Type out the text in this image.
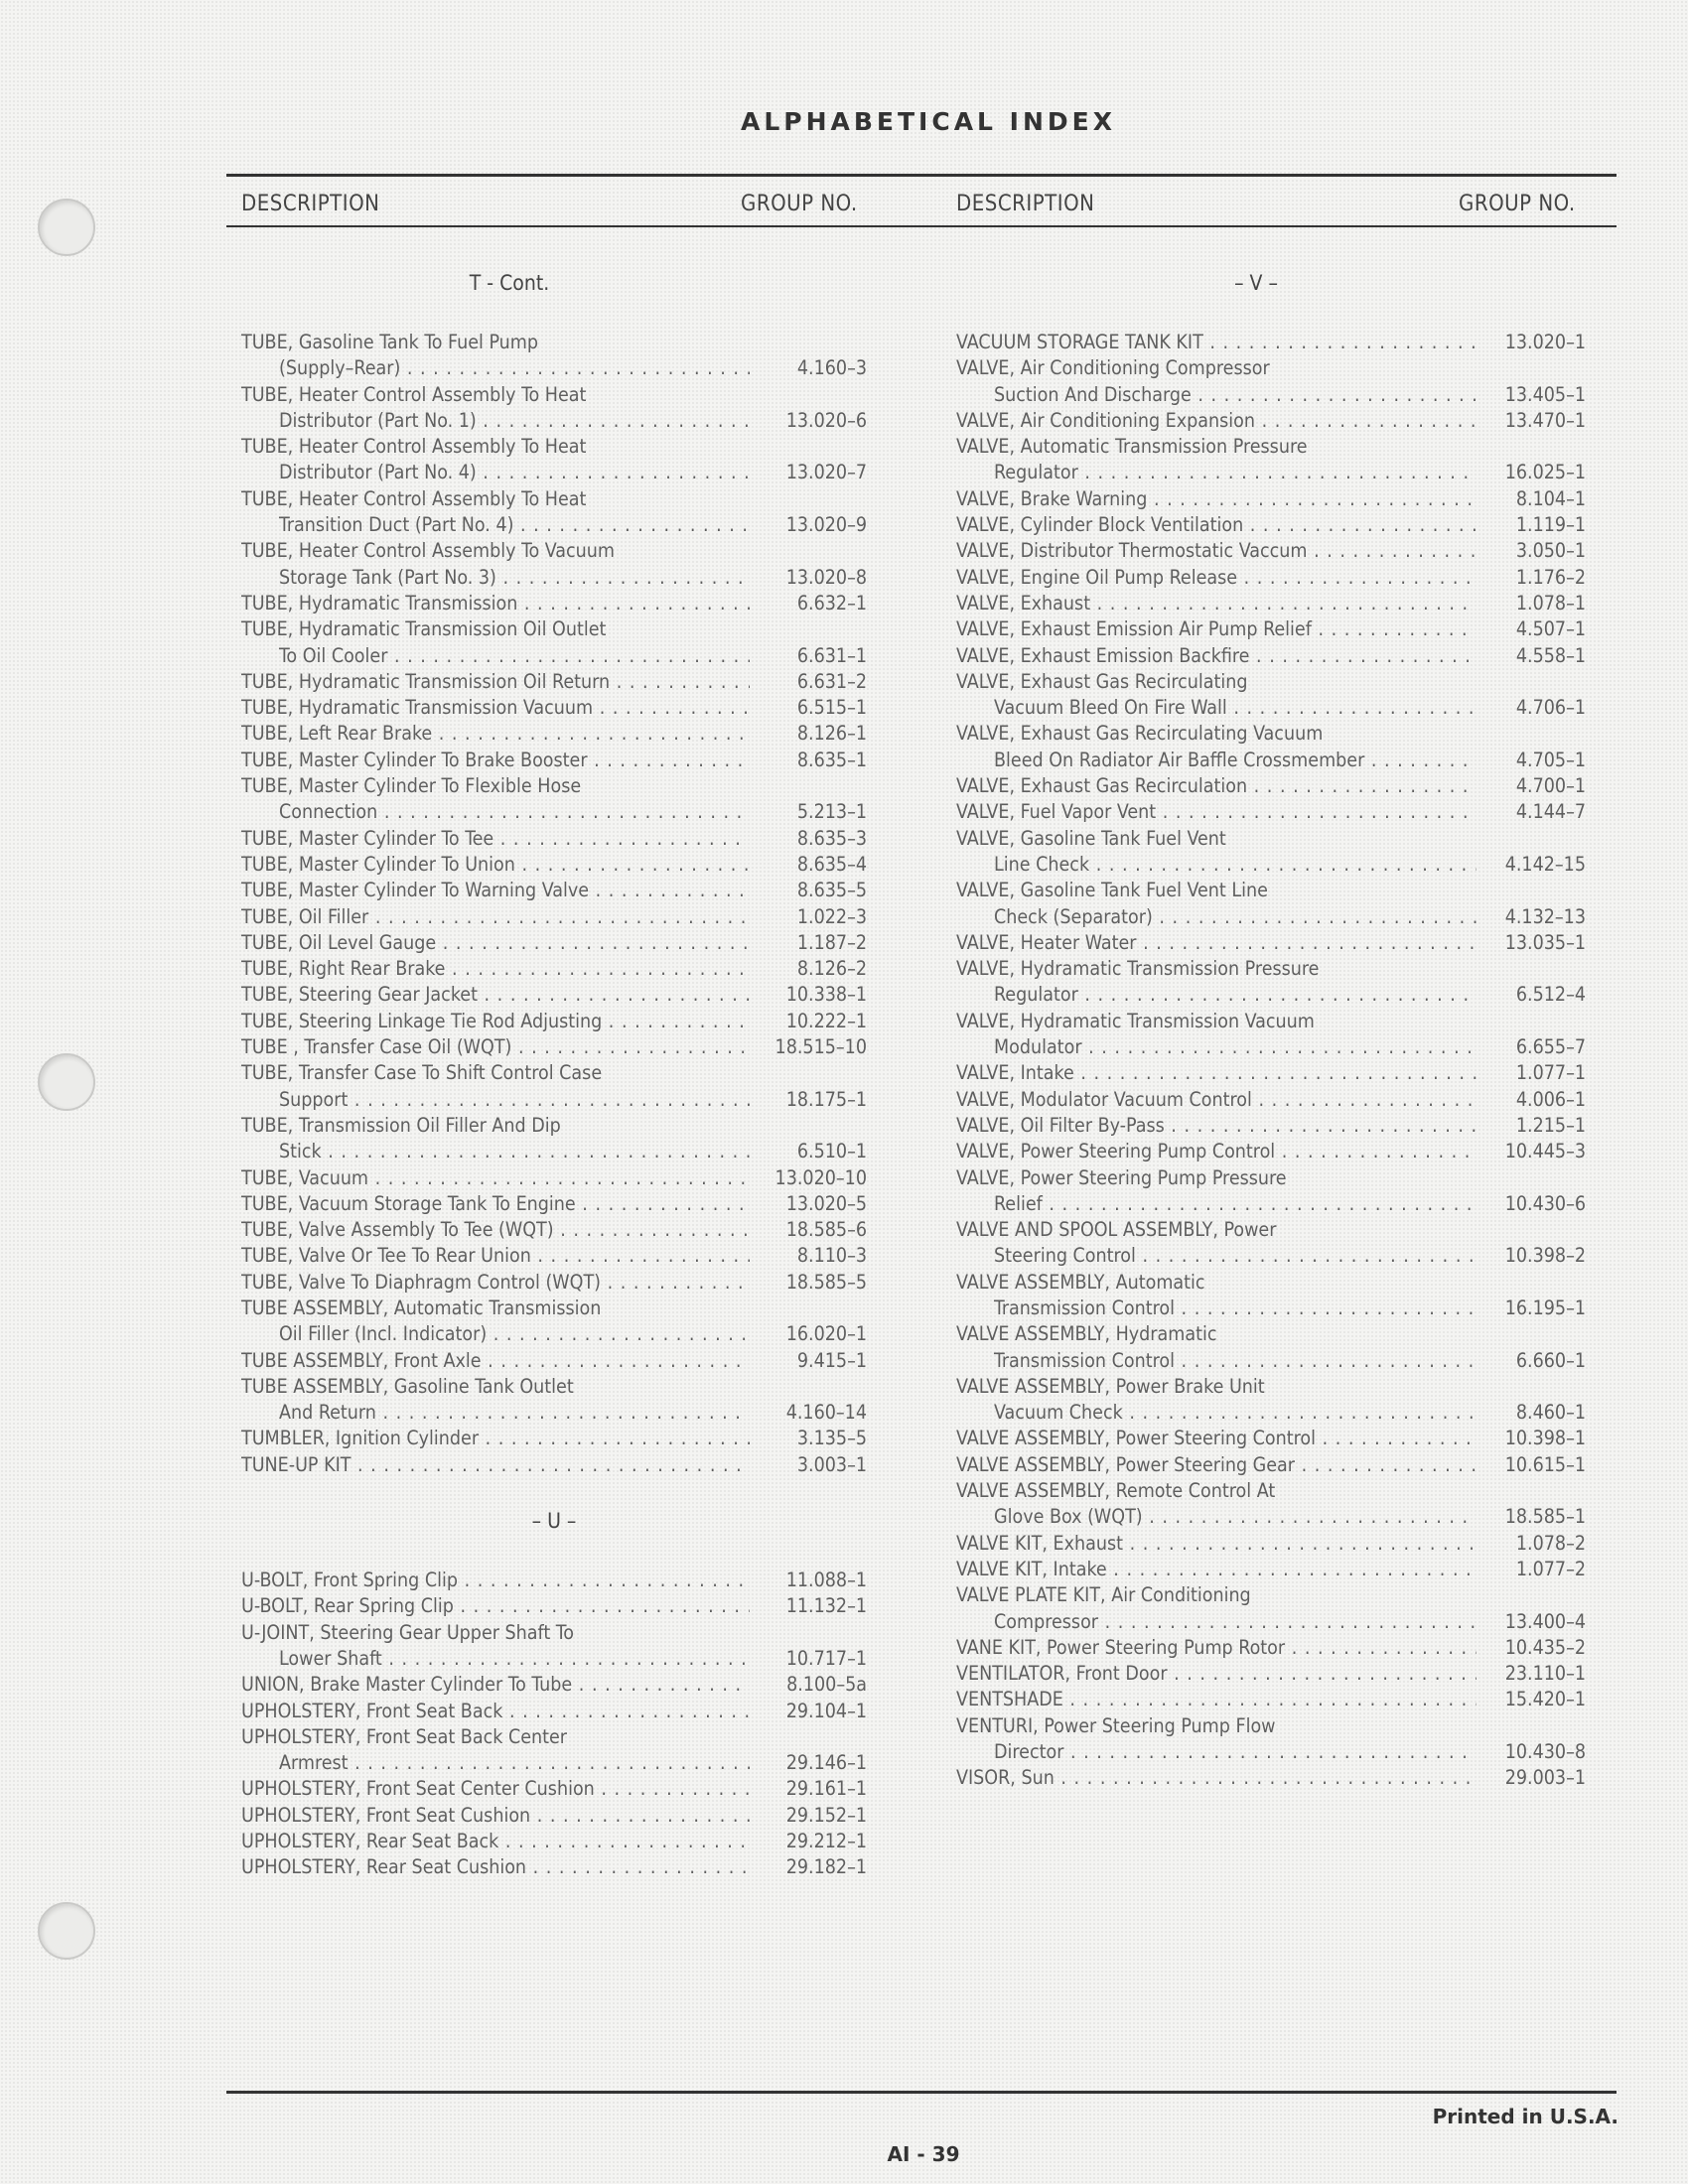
ALPHABETICAL INDEX
DESCRIPTION	GROUP NO.	DESCRIPTION	GROUP NO.
T - Cont.
TUBE, Gasoline Tank To Fuel Pump
(Supply–Rear) . . .	4.160–3
TUBE, Heater Control Assembly To Heat
Distributor (Part No. 1) . . .	13.020–6
TUBE, Heater Control Assembly To Heat
Distributor (Part No. 4) . . .	13.020–7
TUBE, Heater Control Assembly To Heat
Transition Duct (Part No. 4) . . .	13.020–9
TUBE, Heater Control Assembly To Vacuum
Storage Tank (Part No. 3) . . .	13.020–8
TUBE, Hydramatic Transmission . . .	6.632–1
TUBE, Hydramatic Transmission Oil Outlet
To Oil Cooler . . .	6.631–1
TUBE, Hydramatic Transmission Oil Return . . .	6.631–2
TUBE, Hydramatic Transmission Vacuum . . .	6.515–1
TUBE, Left Rear Brake . . .	8.126–1
TUBE, Master Cylinder To Brake Booster . . .	8.635–1
TUBE, Master Cylinder To Flexible Hose
Connection . . .	5.213–1
TUBE, Master Cylinder To Tee . . .	8.635–3
TUBE, Master Cylinder To Union . . .	8.635–4
TUBE, Master Cylinder To Warning Valve . . .	8.635–5
TUBE, Oil Filler . . .	1.022–3
TUBE, Oil Level Gauge . . .	1.187–2
TUBE, Right Rear Brake . . .	8.126–2
TUBE, Steering Gear Jacket . . .	10.338–1
TUBE, Steering Linkage Tie Rod Adjusting . . .	10.222–1
TUBE , Transfer Case Oil (WQT) . . .	18.515–10
TUBE, Transfer Case To Shift Control Case
Support . . .	18.175–1
TUBE, Transmission Oil Filler And Dip
Stick . . .	6.510–1
TUBE, Vacuum . . .	13.020–10
TUBE, Vacuum Storage Tank To Engine . . .	13.020–5
TUBE, Valve Assembly To Tee (WQT) . . .	18.585–6
TUBE, Valve Or Tee To Rear Union . . .	8.110–3
TUBE, Valve To Diaphragm Control (WQT) . . .	18.585–5
TUBE ASSEMBLY, Automatic Transmission
Oil Filler (Incl. Indicator) . . .	16.020–1
TUBE ASSEMBLY, Front Axle . . .	9.415–1
TUBE ASSEMBLY, Gasoline Tank Outlet
And Return . . .	4.160–14
TUMBLER, Ignition Cylinder . . .	3.135–5
TUNE-UP KIT . . .	3.003–1
– U –
U-BOLT, Front Spring Clip . . .	11.088–1
U-BOLT, Rear Spring Clip . . .	11.132–1
U-JOINT, Steering Gear Upper Shaft To
Lower Shaft . . .	10.717–1
UNION, Brake Master Cylinder To Tube . . .	8.100–5a
UPHOLSTERY, Front Seat Back . . .	29.104–1
UPHOLSTERY, Front Seat Back Center
Armrest . . .	29.146–1
UPHOLSTERY, Front Seat Center Cushion . . .	29.161–1
UPHOLSTERY, Front Seat Cushion . . .	29.152–1
UPHOLSTERY, Rear Seat Back . . .	29.212–1
UPHOLSTERY, Rear Seat Cushion . . .	29.182–1
– V –
VACUUM STORAGE TANK KIT . . .	13.020–1
VALVE, Air Conditioning Compressor
Suction And Discharge . . .	13.405–1
VALVE, Air Conditioning Expansion . . .	13.470–1
VALVE, Automatic Transmission Pressure
Regulator . . .	16.025–1
VALVE, Brake Warning . . .	8.104–1
VALVE, Cylinder Block Ventilation . . .	1.119–1
VALVE, Distributor Thermostatic Vaccum . . .	3.050–1
VALVE, Engine Oil Pump Release . . .	1.176–2
VALVE, Exhaust . . .	1.078–1
VALVE, Exhaust Emission Air Pump Relief . . .	4.507–1
VALVE, Exhaust Emission Backfire . . .	4.558–1
VALVE, Exhaust Gas Recirculating
Vacuum Bleed On Fire Wall . . .	4.706–1
VALVE, Exhaust Gas Recirculating Vacuum
Bleed On Radiator Air Baffle Crossmember . . .	4.705–1
VALVE, Exhaust Gas Recirculation . . .	4.700–1
VALVE, Fuel Vapor Vent . . .	4.144–7
VALVE, Gasoline Tank Fuel Vent
Line Check . . .	4.142–15
VALVE, Gasoline Tank Fuel Vent Line
Check (Separator) . . .	4.132–13
VALVE, Heater Water . . .	13.035–1
VALVE, Hydramatic Transmission Pressure
Regulator . . .	6.512–4
VALVE, Hydramatic Transmission Vacuum
Modulator . . .	6.655–7
VALVE, Intake . . .	1.077–1
VALVE, Modulator Vacuum Control . . .	4.006–1
VALVE, Oil Filter By-Pass . . .	1.215–1
VALVE, Power Steering Pump Control . . .	10.445–3
VALVE, Power Steering Pump Pressure
Relief . . .	10.430–6
VALVE AND SPOOL ASSEMBLY, Power
Steering Control . . .	10.398–2
VALVE ASSEMBLY, Automatic
Transmission Control . . .	16.195–1
VALVE ASSEMBLY, Hydramatic
Transmission Control . . .	6.660–1
VALVE ASSEMBLY, Power Brake Unit
Vacuum Check . . .	8.460–1
VALVE ASSEMBLY, Power Steering Control . . .	10.398–1
VALVE ASSEMBLY, Power Steering Gear . . .	10.615–1
VALVE ASSEMBLY, Remote Control At
Glove Box (WQT) . . .	18.585–1
VALVE KIT, Exhaust . . .	1.078–2
VALVE KIT, Intake . . .	1.077–2
VALVE PLATE KIT, Air Conditioning
Compressor . . .	13.400–4
VANE KIT, Power Steering Pump Rotor . . .	10.435–2
VENTILATOR, Front Door . . .	23.110–1
VENTSHADE . . .	15.420–1
VENTURI, Power Steering Pump Flow
Director . . .	10.430–8
VISOR, Sun . . .	29.003–1
Printed in U.S.A.
AI - 39
